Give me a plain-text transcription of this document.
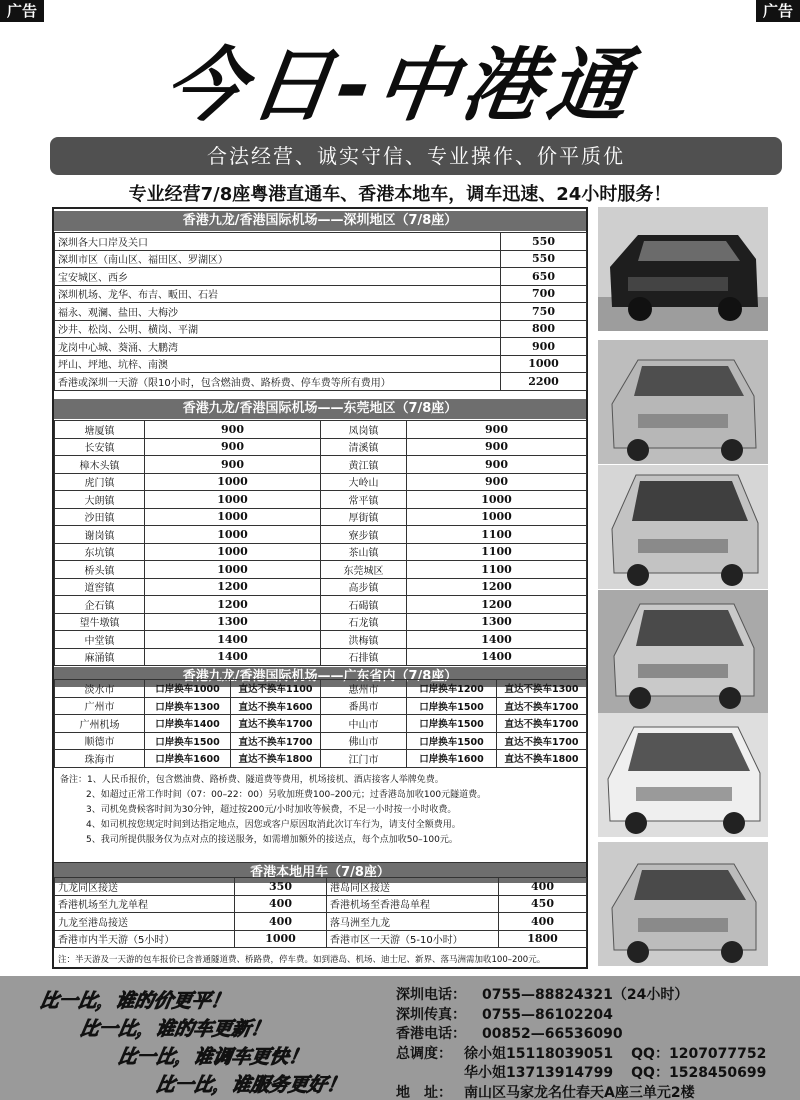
广告	广告
今日-中港通
合法经营、诚实守信、专业操作、价平质优
专业经营7/8座粤港直通车、香港本地车，调车迅速、24小时服务！
香港九龙/香港国际机场——深圳地区（7/8座）
深圳各大口岸及关口	550
深圳市区（南山区、福田区、罗湖区）	550
宝安城区、西乡	650
深圳机场、龙华、布吉、畈田、石岩	700
福永、观澜、盐田、大梅沙	750
沙井、松岗、公明、横岗、平湖	800
龙岗中心城、葵涌、大鹏湾	900
坪山、坪地、坑梓、南澳	1000
香港或深圳一天游（限10小时，包含燃油费、路桥费、停车费等所有费用）	2200
香港九龙/香港国际机场——东莞地区（7/8座）
塘厦镇	900	凤岗镇	900
长安镇	900	清溪镇	900
樟木头镇	900	黄江镇	900
虎门镇	1000	大岭山	900
大朗镇	1000	常平镇	1000
沙田镇	1000	厚街镇	1000
谢岗镇	1000	寮步镇	1100
东坑镇	1000	茶山镇	1100
桥头镇	1000	东莞城区	1100
道窖镇	1200	高步镇	1200
企石镇	1200	石碣镇	1200
望牛墩镇	1300	石龙镇	1300
中堂镇	1400	洪梅镇	1400
麻涌镇	1400	石排镇	1400
香港九龙/香港国际机场——广东省内（7/8座）
淡水市	口岸换车1000	直达不换车1100	惠州市	口岸换车1200	直达不换车1300
广州市	口岸换车1300	直达不换车1600	番禺市	口岸换车1500	直达不换车1700
广州机场	口岸换车1400	直达不换车1700	中山市	口岸换车1500	直达不换车1700
顺德市	口岸换车1500	直达不换车1700	佛山市	口岸换车1500	直达不换车1700
珠海市	口岸换车1600	直达不换车1800	江门市	口岸换车1600	直达不换车1800
备注：1、人民币报价，包含燃油费、路桥费、隧道费等费用，机场接机、酒店接客人举牌免费。
2、如超过正常工作时间（07：00–22：00）另收加班费100–200元；过香港岛加收100元隧道费。
3、司机免费候客时间为30分钟，超过按200元/小时加收等候费，不足一小时按一小时收费。
4、如司机按您规定时间到达指定地点，因您或客户原因取消此次订车行为，请支付全额费用。
5、我司所提供服务仅为点对点的接送服务，如需增加额外的接送点，每个点加收50–100元。
香港本地用车（7/8座）
九龙同区接送	350	港岛同区接送	400
香港机场至九龙单程	400	香港机场至香港岛单程	450
九龙至港岛接送	400	落马洲至九龙	400
香港市内半天游（5小时）	1000	香港市区一天游（5-10小时）	1800
注：半天游及一天游的包车报价已含普通隧道费、桥路费，停车费。如到港岛、机场、迪士尼、新界、落马洲需加收100–200元。
比一比，谁的价更平！
比一比，谁的车更新！
比一比，谁调车更快！
比一比，谁服务更好！
深圳电话： 0755—88824321（24小时）
深圳传真： 0755—86102204
香港电话： 00852—66536090
总调度： 徐小姐15118039051 QQ：1207077752
华小姐13713914799 QQ：1528450699
地　址： 南山区马家龙名仕春天A座三单元2楼
